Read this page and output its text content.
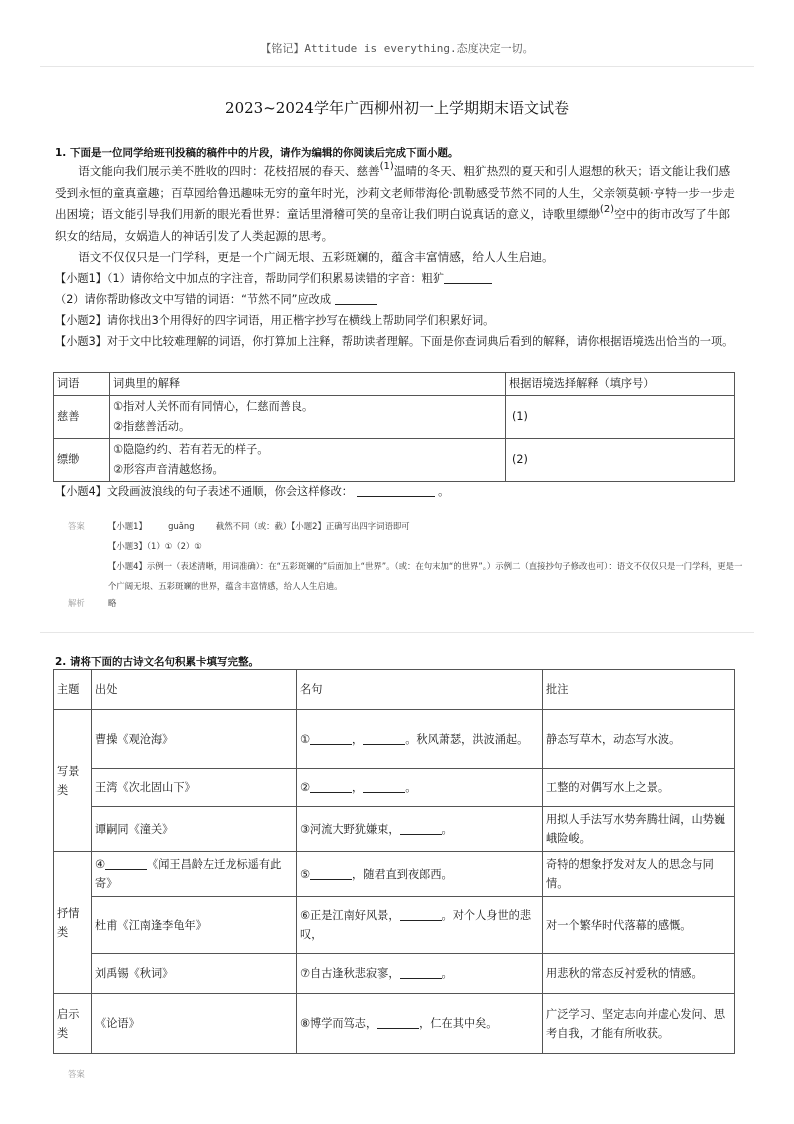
【铭记】Attitude is everything.态度决定一切。
2023~2024学年广西柳州初一上学期期末语文试卷
1. 下面是一位同学给班刊投稿的稿件中的片段，请作为编辑的你阅读后完成下面小题。

语文能向我们展示美不胜收的四时：花枝招展的春天、慈善$^{(1)}$温晴的冬天、粗犷热烈的夏天和引人遐想的秋天；语文能让我们感受到永恒的童真童趣；百草园给鲁迅趣味无穷的童年时光，沙莉文老师带海伦·凯勒感受节然不同的人生，父亲领莫顿·亨特一步一步走出困境；语文能引导我们用新的眼光看世界：童话里滑稽可笑的皇帝让我们明白说真话的意义，诗歌里缥缈$^{(2)}$空中的街市改写了牛郎织女的结局，女娲造人的神话引发了人类起源的思考。

语文不仅仅只是一门学科，更是一个广阔无垠、五彩斑斓的，蕴含丰富情感，给人人生启迪。

【小题1】（1）请你给文中加点的字注音，帮助同学们积累易读错的字音：粗犷
（2）请你帮助修改文中写错的词语：“节然不同”应改成
【小题2】请你找出3个用得好的四字词语，用正楷字抄写在横线上帮助同学们积累好词。
【小题3】对于文中比较难理解的词语，你打算加上注释，帮助读者理解。下面是你查词典后看到的解释，请你根据语境选出恰当的一项。
词语	词典里的解释	根据语境选择解释（填序号）
慈善	①指对人关怀而有同情心，仁慈而善良。
②指慈善活动。	(1)
缥缈	①隐隐约约、若有若无的样子。
②形容声音清越悠扬。	(2)
【小题4】文段画波浪线的句子表述不通顺，你会这样修改：	。
答案	【小题1】	guǎng	截然不同（或：截）【小题2】正确写出四字词语即可
【小题3】（1）①（2）①
【小题4】示例一（表述清晰，用词准确）：在“五彩斑斓的”后面加上“世界”。（或：在句末加“的世界”。）示例二（直接抄句子修改也可）：语文不仅仅只是一门学科，更是一个广阔无垠、五彩斑斓的世界，蕴含丰富情感，给人人生启迪。
解析	略
2. 请将下面的古诗文名句积累卡填写完整。
主题	出处	名句	批注
写景类	曹操《观沧海》	① ， 。秋风萧瑟，洪波涌起。	静态写草木，动态写水波。
	王湾《次北固山下》	② ， 。	工整的对偶写水上之景。
	谭嗣同《潼关》	③河流大野犹嫌束， 。	用拟人手法写水势奔腾壮阔，山势巍峨险峻。
抒情类	④ 《闻王昌龄左迁龙标遥有此寄》	⑤ ，随君直到夜郎西。	奇特的想象抒发对友人的思念与同情。
	杜甫《江南逢李龟年》	⑥正是江南好风景， 。对个人身世的悲叹，	对一个繁华时代落幕的感慨。
	刘禹锡《秋词》	⑦自古逢秋悲寂寥， 。	用悲秋的常态反衬爱秋的情感。
启示类	《论语》	⑧博学而笃志， ，仁在其中矣。	广泛学习、坚定志向并虚心发问、思考自我，才能有所收获。
答案
